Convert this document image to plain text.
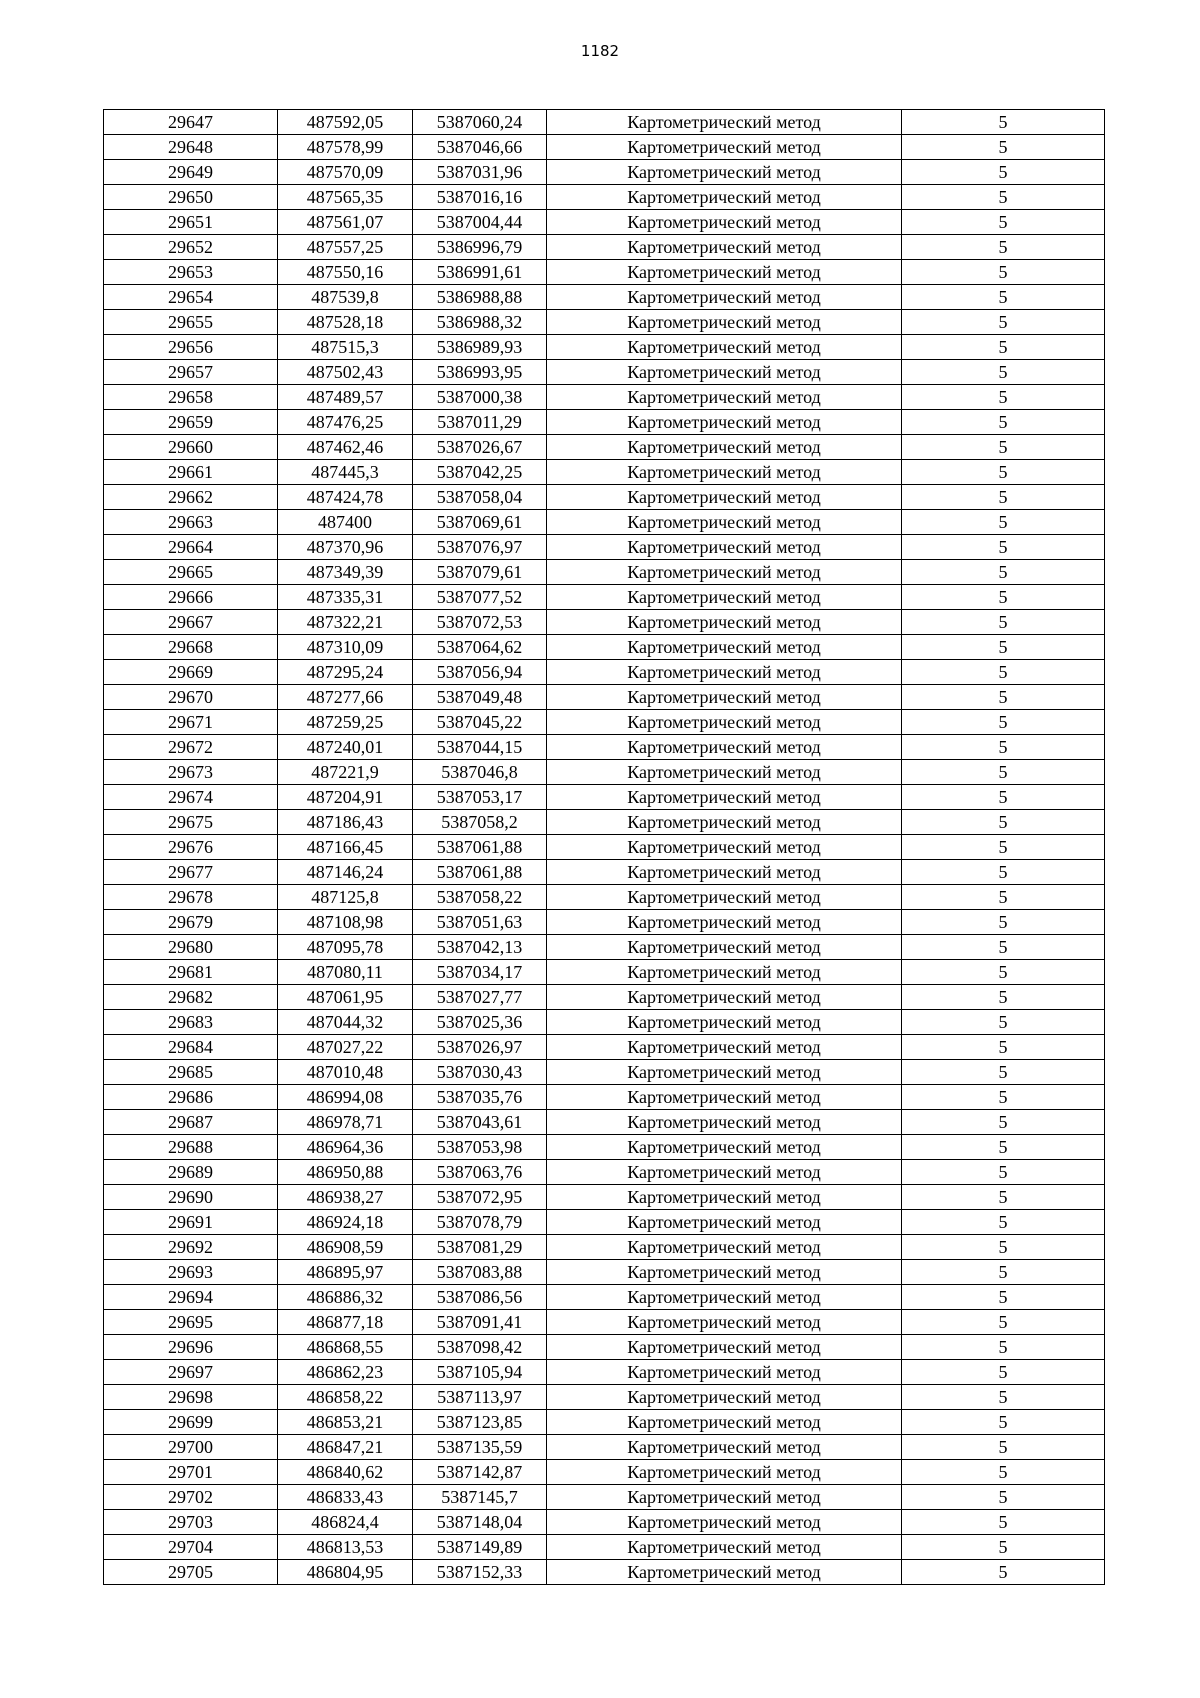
1182
29647	487592,05	5387060,24	Картометрический метод	5
29648	487578,99	5387046,66	Картометрический метод	5
29649	487570,09	5387031,96	Картометрический метод	5
29650	487565,35	5387016,16	Картометрический метод	5
29651	487561,07	5387004,44	Картометрический метод	5
29652	487557,25	5386996,79	Картометрический метод	5
29653	487550,16	5386991,61	Картометрический метод	5
29654	487539,8	5386988,88	Картометрический метод	5
29655	487528,18	5386988,32	Картометрический метод	5
29656	487515,3	5386989,93	Картометрический метод	5
29657	487502,43	5386993,95	Картометрический метод	5
29658	487489,57	5387000,38	Картометрический метод	5
29659	487476,25	5387011,29	Картометрический метод	5
29660	487462,46	5387026,67	Картометрический метод	5
29661	487445,3	5387042,25	Картометрический метод	5
29662	487424,78	5387058,04	Картометрический метод	5
29663	487400	5387069,61	Картометрический метод	5
29664	487370,96	5387076,97	Картометрический метод	5
29665	487349,39	5387079,61	Картометрический метод	5
29666	487335,31	5387077,52	Картометрический метод	5
29667	487322,21	5387072,53	Картометрический метод	5
29668	487310,09	5387064,62	Картометрический метод	5
29669	487295,24	5387056,94	Картометрический метод	5
29670	487277,66	5387049,48	Картометрический метод	5
29671	487259,25	5387045,22	Картометрический метод	5
29672	487240,01	5387044,15	Картометрический метод	5
29673	487221,9	5387046,8	Картометрический метод	5
29674	487204,91	5387053,17	Картометрический метод	5
29675	487186,43	5387058,2	Картометрический метод	5
29676	487166,45	5387061,88	Картометрический метод	5
29677	487146,24	5387061,88	Картометрический метод	5
29678	487125,8	5387058,22	Картометрический метод	5
29679	487108,98	5387051,63	Картометрический метод	5
29680	487095,78	5387042,13	Картометрический метод	5
29681	487080,11	5387034,17	Картометрический метод	5
29682	487061,95	5387027,77	Картометрический метод	5
29683	487044,32	5387025,36	Картометрический метод	5
29684	487027,22	5387026,97	Картометрический метод	5
29685	487010,48	5387030,43	Картометрический метод	5
29686	486994,08	5387035,76	Картометрический метод	5
29687	486978,71	5387043,61	Картометрический метод	5
29688	486964,36	5387053,98	Картометрический метод	5
29689	486950,88	5387063,76	Картометрический метод	5
29690	486938,27	5387072,95	Картометрический метод	5
29691	486924,18	5387078,79	Картометрический метод	5
29692	486908,59	5387081,29	Картометрический метод	5
29693	486895,97	5387083,88	Картометрический метод	5
29694	486886,32	5387086,56	Картометрический метод	5
29695	486877,18	5387091,41	Картометрический метод	5
29696	486868,55	5387098,42	Картометрический метод	5
29697	486862,23	5387105,94	Картометрический метод	5
29698	486858,22	5387113,97	Картометрический метод	5
29699	486853,21	5387123,85	Картометрический метод	5
29700	486847,21	5387135,59	Картометрический метод	5
29701	486840,62	5387142,87	Картометрический метод	5
29702	486833,43	5387145,7	Картометрический метод	5
29703	486824,4	5387148,04	Картометрический метод	5
29704	486813,53	5387149,89	Картометрический метод	5
29705	486804,95	5387152,33	Картометрический метод	5
